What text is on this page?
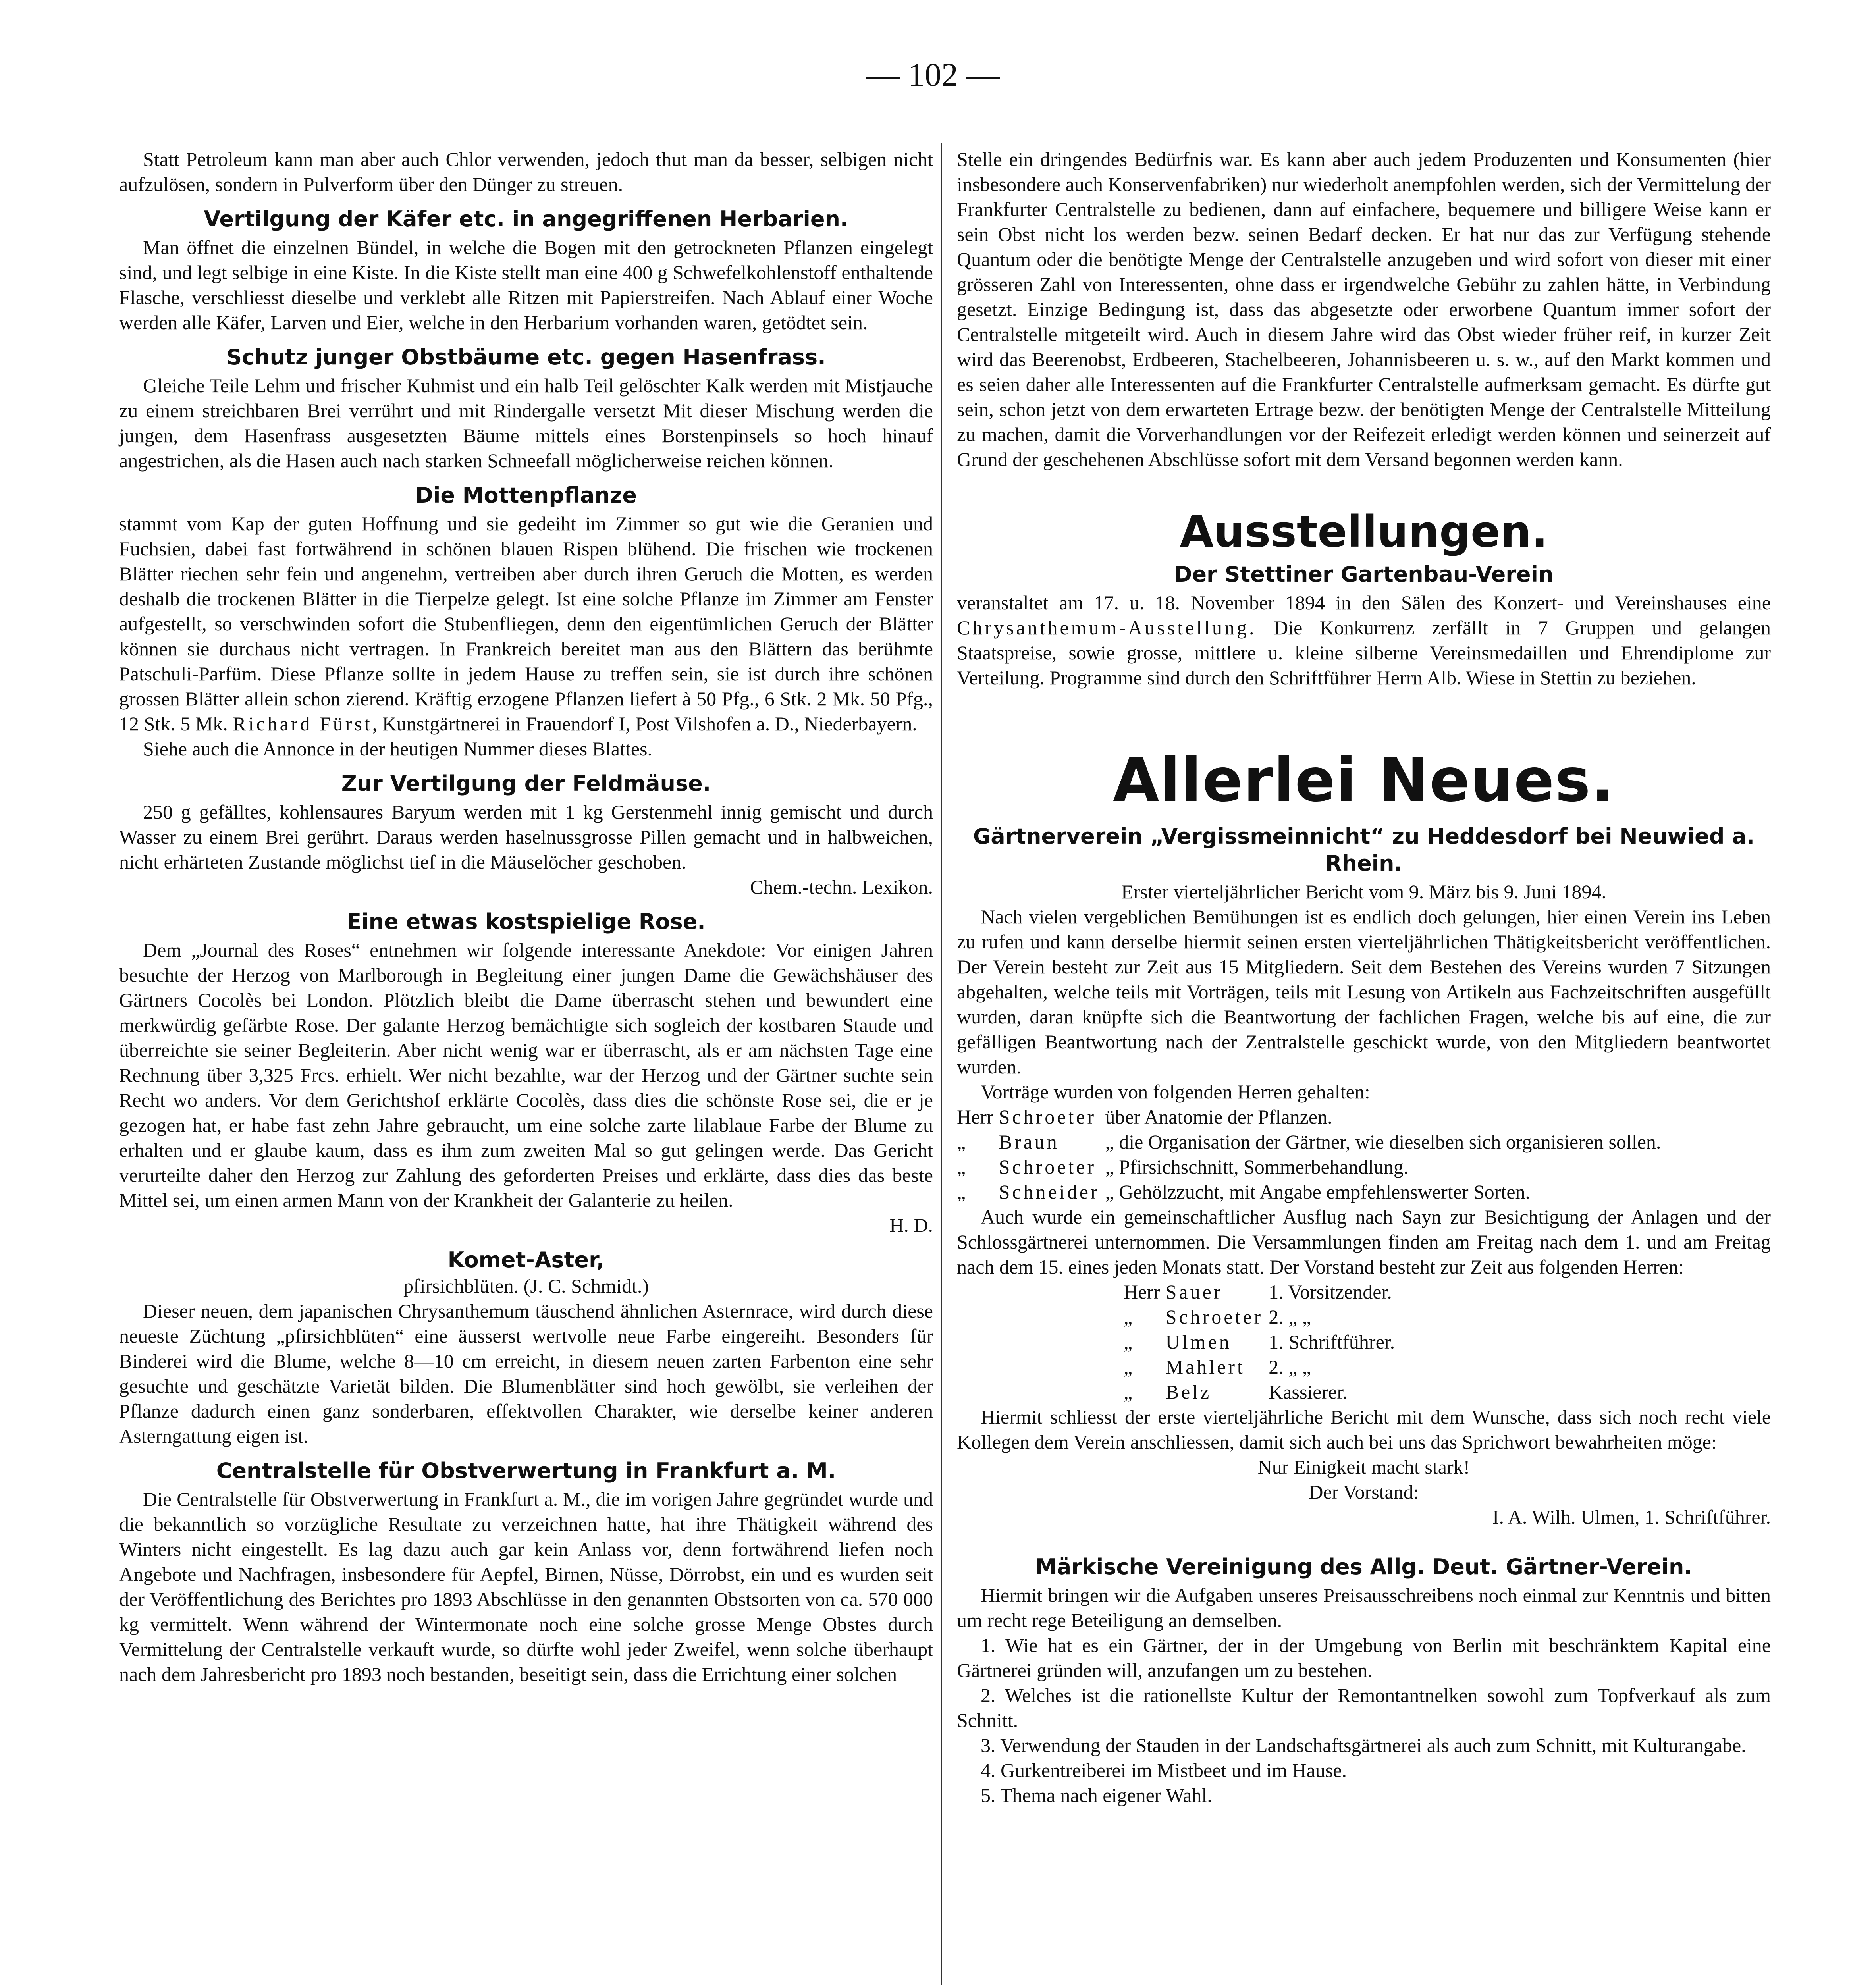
— 102 —

Statt Petroleum kann man aber auch Chlor verwenden, jedoch thut man da besser, selbigen nicht aufzulösen, sondern in Pulverform über den Dünger zu streuen.

Vertilgung der Käfer etc. in angegriffenen Herbarien.

Man öffnet die einzelnen Bündel, in welche die Bogen mit den getrockneten Pflanzen eingelegt sind, und legt selbige in eine Kiste. In die Kiste stellt man eine 400 g Schwefelkohlenstoff enthaltende Flasche, verschliesst dieselbe und verklebt alle Ritzen mit Papierstreifen. Nach Ablauf einer Woche werden alle Käfer, Larven und Eier, welche in den Herbarium vorhanden waren, getödtet sein.

Schutz junger Obstbäume etc. gegen Hasenfrass.

Gleiche Teile Lehm und frischer Kuhmist und ein halb Teil gelöschter Kalk werden mit Mistjauche zu einem streichbaren Brei verrührt und mit Rindergalle versetzt Mit dieser Mischung werden die jungen, dem Hasenfrass ausgesetzten Bäume mittels eines Borstenpinsels so hoch hinauf angestrichen, als die Hasen auch nach starken Schneefall möglicherweise reichen können.

Die Mottenpflanze

stammt vom Kap der guten Hoffnung und sie gedeiht im Zimmer so gut wie die Geranien und Fuchsien, dabei fast fortwährend in schönen blauen Rispen blühend. Die frischen wie trockenen Blätter riechen sehr fein und angenehm, vertreiben aber durch ihren Geruch die Motten, es werden deshalb die trockenen Blätter in die Tierpelze gelegt. Ist eine solche Pflanze im Zimmer am Fenster aufgestellt, so verschwinden sofort die Stubenfliegen, denn den eigentümlichen Geruch der Blätter können sie durchaus nicht vertragen. In Frankreich bereitet man aus den Blättern das berühmte Patschuli-Parfüm. Diese Pflanze sollte in jedem Hause zu treffen sein, sie ist durch ihre schönen grossen Blätter allein schon zierend. Kräftig erzogene Pflanzen liefert à 50 Pfg., 6 Stk. 2 Mk. 50 Pfg., 12 Stk. 5 Mk. Richard Fürst, Kunstgärtnerei in Frauendorf I, Post Vilshofen a. D., Niederbayern.

Siehe auch die Annonce in der heutigen Nummer dieses Blattes.

Zur Vertilgung der Feldmäuse.

250 g gefälltes, kohlensaures Baryum werden mit 1 kg Gerstenmehl innig gemischt und durch Wasser zu einem Brei gerührt. Daraus werden haselnussgrosse Pillen gemacht und in halbweichen, nicht erhärteten Zustande möglichst tief in die Mäuselöcher geschoben.

Chem.-techn. Lexikon.

Eine etwas kostspielige Rose.

Dem „Journal des Roses“ entnehmen wir folgende interessante Anekdote: Vor einigen Jahren besuchte der Herzog von Marlborough in Begleitung einer jungen Dame die Gewächshäuser des Gärtners Cocolès bei London. Plötzlich bleibt die Dame überrascht stehen und bewundert eine merkwürdig gefärbte Rose. Der galante Herzog bemächtigte sich sogleich der kostbaren Staude und überreichte sie seiner Begleiterin. Aber nicht wenig war er überrascht, als er am nächsten Tage eine Rechnung über 3,325 Frcs. erhielt. Wer nicht bezahlte, war der Herzog und der Gärtner suchte sein Recht wo anders. Vor dem Gerichtshof erklärte Cocolès, dass dies die schönste Rose sei, die er je gezogen hat, er habe fast zehn Jahre gebraucht, um eine solche zarte lilablaue Farbe der Blume zu erhalten und er glaube kaum, dass es ihm zum zweiten Mal so gut gelingen werde. Das Gericht verurteilte daher den Herzog zur Zahlung des geforderten Preises und erklärte, dass dies das beste Mittel sei, um einen armen Mann von der Krankheit der Galanterie zu heilen.

H. D.

Komet-Aster,

pfirsichblüten. (J. C. Schmidt.)

Dieser neuen, dem japanischen Chrysanthemum täuschend ähnlichen Asternrace, wird durch diese neueste Züchtung „pfirsichblüten“ eine äusserst wertvolle neue Farbe eingereiht. Besonders für Binderei wird die Blume, welche 8—10 cm erreicht, in diesem neuen zarten Farbenton eine sehr gesuchte und geschätzte Varietät bilden. Die Blumenblätter sind hoch gewölbt, sie verleihen der Pflanze dadurch einen ganz sonderbaren, effektvollen Charakter, wie derselbe keiner anderen Asterngattung eigen ist.

Centralstelle für Obstverwertung in Frankfurt a. M.

Die Centralstelle für Obstverwertung in Frankfurt a. M., die im vorigen Jahre gegründet wurde und die bekanntlich so vorzügliche Resultate zu verzeichnen hatte, hat ihre Thätigkeit während des Winters nicht eingestellt. Es lag dazu auch gar kein Anlass vor, denn fortwährend liefen noch Angebote und Nachfragen, insbesondere für Aepfel, Birnen, Nüsse, Dörrobst, ein und es wurden seit der Veröffentlichung des Berichtes pro 1893 Abschlüsse in den genannten Obstsorten von ca. 570 000 kg vermittelt. Wenn während der Wintermonate noch eine solche grosse Menge Obstes durch Vermittelung der Centralstelle verkauft wurde, so dürfte wohl jeder Zweifel, wenn solche überhaupt nach dem Jahresbericht pro 1893 noch bestanden, beseitigt sein, dass die Errichtung einer solchen

Stelle ein dringendes Bedürfnis war. Es kann aber auch jedem Produzenten und Konsumenten (hier insbesondere auch Konservenfabriken) nur wiederholt anempfohlen werden, sich der Vermittelung der Frankfurter Centralstelle zu bedienen, dann auf einfachere, bequemere und billigere Weise kann er sein Obst nicht los werden bezw. seinen Bedarf decken. Er hat nur das zur Verfügung stehende Quantum oder die benötigte Menge der Centralstelle anzugeben und wird sofort von dieser mit einer grösseren Zahl von Interessenten, ohne dass er irgendwelche Gebühr zu zahlen hätte, in Verbindung gesetzt. Einzige Bedingung ist, dass das abgesetzte oder erworbene Quantum immer sofort der Centralstelle mitgeteilt wird. Auch in diesem Jahre wird das Obst wieder früher reif, in kurzer Zeit wird das Beerenobst, Erdbeeren, Stachelbeeren, Johannisbeeren u. s. w., auf den Markt kommen und es seien daher alle Interessenten auf die Frankfurter Centralstelle aufmerksam gemacht. Es dürfte gut sein, schon jetzt von dem erwarteten Ertrage bezw. der benötigten Menge der Centralstelle Mitteilung zu machen, damit die Vorverhandlungen vor der Reifezeit erledigt werden können und seinerzeit auf Grund der geschehenen Abschlüsse sofort mit dem Versand begonnen werden kann.

Ausstellungen.
Der Stettiner Gartenbau-Verein

veranstaltet am 17. u. 18. November 1894 in den Sälen des Konzert- und Vereinshauses eine Chrysanthemum-Ausstellung. Die Konkurrenz zerfällt in 7 Gruppen und gelangen Staatspreise, sowie grosse, mittlere u. kleine silberne Vereinsmedaillen und Ehrendiplome zur Verteilung. Programme sind durch den Schriftführer Herrn Alb. Wiese in Stettin zu beziehen.

Allerlei Neues.
Gärtnerverein „Vergissmeinnicht“ zu Heddesdorf bei Neuwied a. Rhein.

Erster vierteljährlicher Bericht vom 9. März bis 9. Juni 1894.

Nach vielen vergeblichen Bemühungen ist es endlich doch gelungen, hier einen Verein ins Leben zu rufen und kann derselbe hiermit seinen ersten vierteljährlichen Thätigkeitsbericht veröffentlichen. Der Verein besteht zur Zeit aus 15 Mitgliedern. Seit dem Bestehen des Vereins wurden 7 Sitzungen abgehalten, welche teils mit Vorträgen, teils mit Lesung von Artikeln aus Fachzeitschriften ausgefüllt wurden, daran knüpfte sich die Beantwortung der fachlichen Fragen, welche bis auf eine, die zur gefälligen Beantwortung nach der Zentralstelle geschickt wurde, von den Mitgliedern beantwortet wurden.

Vorträge wurden von folgenden Herren gehalten:

Herr	Schroeter	über Anatomie der Pflanzen.
„	Braun	„ die Organisation der Gärtner, wie dieselben sich organisieren sollen.
„	Schroeter	„ Pfirsichschnitt, Sommerbehandlung.
„	Schneider	„ Gehölzzucht, mit Angabe empfehlenswerter Sorten.

Auch wurde ein gemeinschaftlicher Ausflug nach Sayn zur Besichtigung der Anlagen und der Schlossgärtnerei unternommen. Die Versammlungen finden am Freitag nach dem 1. und am Freitag nach dem 15. eines jeden Monats statt. Der Vorstand besteht zur Zeit aus folgenden Herren:

Herr	Sauer	1. Vorsitzender.
„	Schroeter	2. „ „
„	Ulmen	1. Schriftführer.
„	Mahlert	2. „ „
„	Belz	Kassierer.

Hiermit schliesst der erste vierteljährliche Bericht mit dem Wunsche, dass sich noch recht viele Kollegen dem Verein anschliessen, damit sich auch bei uns das Sprichwort bewahrheiten möge:

Nur Einigkeit macht stark!

Der Vorstand:

I. A. Wilh. Ulmen, 1. Schriftführer.

Märkische Vereinigung des Allg. Deut. Gärtner-Verein.

Hiermit bringen wir die Aufgaben unseres Preisausschreibens noch einmal zur Kenntnis und bitten um recht rege Beteiligung an demselben.

1. Wie hat es ein Gärtner, der in der Umgebung von Berlin mit beschränktem Kapital eine Gärtnerei gründen will, anzufangen um zu bestehen.

2. Welches ist die rationellste Kultur der Remontantnelken sowohl zum Topfverkauf als zum Schnitt.

3. Verwendung der Stauden in der Landschaftsgärtnerei als auch zum Schnitt, mit Kulturangabe.

4. Gurkentreiberei im Mistbeet und im Hause.

5. Thema nach eigener Wahl.
